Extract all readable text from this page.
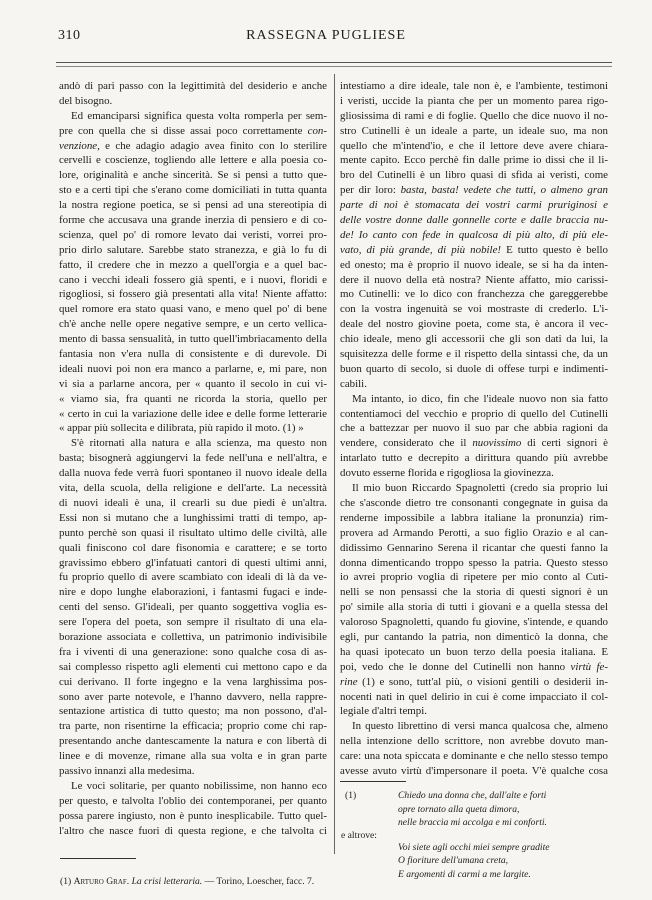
310	RASSEGNA PUGLIESE
andò di pari passo con la legittimità del desiderio e anche
del bisogno.
Ed emanciparsi significa questa volta romperla per sem-
pre con quella che si disse assai poco correttamente con-
venzione, e che adagio adagio avea finito con lo sterilire
cervelli e coscienze, togliendo alle lettere e alla poesia co-
lore, originalità e anche sincerità. Se si pensi a tutto que-
sto e a certi tipi che s'erano come domiciliati in tutta quanta
la nostra regione poetica, se si pensi ad una stereotipia di
forme che accusava una grande inerzia di pensiero e di co-
scienza, quel po' di romore levato dai veristi, vorrei pro-
prio dirlo salutare. Sarebbe stato stranezza, e già lo fu di
fatto, il credere che in mezzo a quell'orgia e a quel bac-
cano i vecchi ideali fossero già spenti, e i nuovi, floridi e
rigogliosi, si fossero già presentati alla vita! Niente affatto:
quel romore era stato quasi vano, e meno quel po' di bene
ch'è anche nelle opere negative sempre, e un certo vellica-
mento di bassa sensualità, in tutto quell'imbriacamento della
fantasia non v'era nulla di consistente e di durevole. Di
ideali nuovi poi non era manco a parlarne, e, mi pare, non
vi sia a parlarne ancora, per « quanto il secolo in cui vi-
« viamo sia, fra quanti ne ricorda la storia, quello per
« certo in cui la variazione delle idee e delle forme letterarie
« appar più sollecita e dilibrata, più rapido il moto. (1) »
S'è ritornati alla natura e alla scienza, ma questo non
basta; bisognerà aggiungervi la fede nell'una e nell'altra, e
dalla nuova fede verrà fuori spontaneo il nuovo ideale della
vita, della scuola, della religione e dell'arte. La necessità
di nuovi ideali è una, il crearli su due piedi è un'altra.
Essi non si mutano che a lunghissimi tratti di tempo, ap-
punto perchè son quasi il risultato ultimo delle civiltà, alle
quali finiscono col dare fisonomia e carattere; e se torto
gravissimo ebbero gl'infatuati cantori di questi ultimi anni,
fu proprio quello di avere scambiato con ideali di là da ve-
nire e dopo lunghe elaborazioni, i fantasmi fugaci e inde-
centi del senso. Gl'ideali, per quanto soggettiva voglia es-
sere l'opera del poeta, son sempre il risultato di una ela-
borazione associata e collettiva, un patrimonio indivisibile
fra i viventi di una generazione: sono qualche cosa di as-
sai complesso rispetto agli elementi cui mettono capo e da
cui derivano. Il forte ingegno e la vena larghissima pos-
sono aver parte notevole, e l'hanno davvero, nella rappre-
sentazione artistica di tutto questo; ma non possono, d'al-
tra parte, non risentirne la efficacia; proprio come chi rap-
presentando anche dantescamente la natura e con libertà di
linee e di movenze, rimane alla sua volta e in gran parte
passivo innanzi alla medesima.
Le voci solitarie, per quanto nobilissime, non hanno eco
per questo, e talvolta l'oblio dei contemporanei, per quanto
possa parere ingiusto, non è punto inesplicabile. Tutto quel-
l'altro che nasce fuori di questa regione, e che talvolta ci
intestiamo a dire ideale, tale non è, e l'ambiente, testimoni
i veristi, uccide la pianta che per un momento parea rigo-
gliosissima di rami e di foglie. Quello che dice nuovo il no-
stro Cutinelli è un ideale a parte, un ideale suo, ma non
quello che m'intend'io, e che il lettore deve avere chiara-
mente capito. Ecco perchè fin dalle prime io dissi che il li-
bro del Cutinelli è un libro quasi di sfida ai veristi, come
per dir loro: basta, basta! vedete che tutti, o almeno gran
parte di noi è stomacata dei vostri carmi pruriginosi e
delle vostre donne dalle gonnelle corte e dalle braccia nu-
de! Io canto con fede in qualcosa di più alto, di più ele-
vato, di più grande, di più nobile! E tutto questo è bello
ed onesto; ma è proprio il nuovo ideale, se si ha da inten-
dere il nuovo della età nostra? Niente affatto, mio carissi-
mo Cutinelli: ve lo dico con franchezza che gareggerebbe
con la vostra ingenuità se voi mostraste di crederlo. L'i-
deale del nostro giovine poeta, come sta, è ancora il vec-
chio ideale, meno gli accessorii che gli son dati da lui, la
squisitezza delle forme e il rispetto della sintassi che, da un
buon quarto di secolo, si duole di offese turpi e indimenti-
cabili.
Ma intanto, io dico, fin che l'ideale nuovo non sia fatto
contentiamoci del vecchio e proprio di quello del Cutinelli
che a battezzar per nuovo il suo par che abbia ragioni da
vendere, considerato che il nuovissimo di certi signori è
intarlato tutto e decrepito a dirittura quando più avrebbe
dovuto esserne florida e rigogliosa la giovinezza.
Il mio buon Riccardo Spagnoletti (credo sia proprio lui
che s'asconde dietro tre consonanti congegnate in guisa da
renderne impossibile a labbra italiane la pronunzia) rim-
provera ad Armando Perotti, a suo figlio Orazio e al can-
didissimo Gennarino Serena il ricantar che questi fanno la
donna dimenticando troppo spesso la patria. Questo stesso
io avrei proprio voglia di ripetere per mio conto al Cuti-
nelli se non pensassi che la storia di questi signori è un
po' simile alla storia di tutti i giovani e a quella stessa del
valoroso Spagnoletti, quando fu giovine, s'intende, e quando
egli, pur cantando la patria, non dimenticò la donna, che
ha quasi ipotecato un buon terzo della poesia italiana. E
poi, vedo che le donne del Cutinelli non hanno virtù fe-
rine (1) e sono, tutt'al più, o visioni gentili o desiderii in-
nocenti nati in quel delirio in cui è come impacciato il col-
legiale d'altri tempi.
In questo librettino di versi manca qualcosa che, almeno
nella intenzione dello scrittore, non avrebbe dovuto man-
care: una nota spiccata e dominante e che nello stesso tempo
avesse avuto virtù d'impersonare il poeta. V'è qualche cosa
(1) Arturo Graf. La crisi letteraria. — Torino, Loescher, facc. 7.
(1)	Chiedo una donna che, dall'alte e forti
opre tornato alla queta dimora,
nelle braccia mi accolga e mi conforti.
e altrove:
Voi siete agli occhi miei sempre gradite
O fioriture dell'umana creta,
E argomenti di carmi a me largite.
